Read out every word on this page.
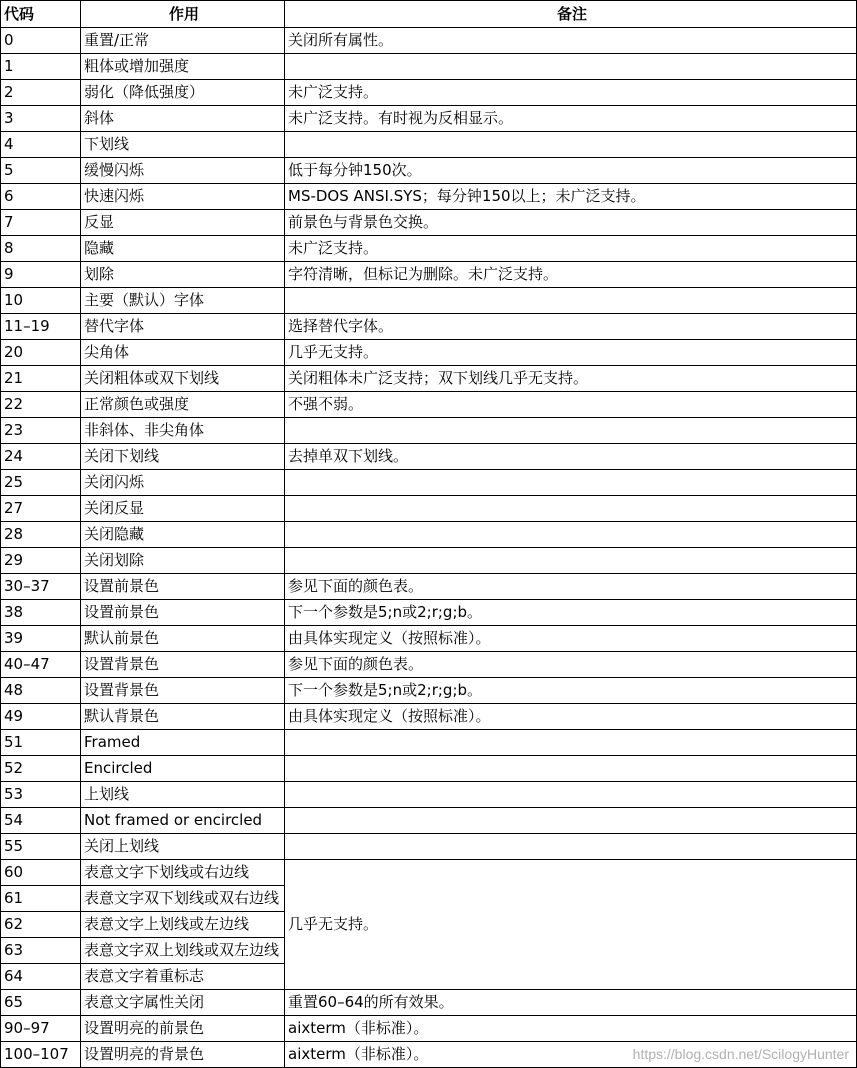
代码	作用	备注
0	重置/正常	关闭所有属性。
1	粗体或增加强度	
2	弱化（降低强度）	未广泛支持。
3	斜体	未广泛支持。有时视为反相显示。
4	下划线	
5	缓慢闪烁	低于每分钟150次。
6	快速闪烁	MS-DOS ANSI.SYS；每分钟150以上；未广泛支持。
7	反显	前景色与背景色交换。
8	隐藏	未广泛支持。
9	划除	字符清晰，但标记为删除。未广泛支持。
10	主要（默认）字体	
11–19	替代字体	选择替代字体。
20	尖角体	几乎无支持。
21	关闭粗体或双下划线	关闭粗体未广泛支持；双下划线几乎无支持。
22	正常颜色或强度	不强不弱。
23	非斜体、非尖角体	
24	关闭下划线	去掉单双下划线。
25	关闭闪烁	
27	关闭反显	
28	关闭隐藏	
29	关闭划除	
30–37	设置前景色	参见下面的颜色表。
38	设置前景色	下一个参数是5;n或2;r;g;b。
39	默认前景色	由具体实现定义（按照标准）。
40–47	设置背景色	参见下面的颜色表。
48	设置背景色	下一个参数是5;n或2;r;g;b。
49	默认背景色	由具体实现定义（按照标准）。
51	Framed	
52	Encircled	
53	上划线	
54	Not framed or encircled	
55	关闭上划线	
60	表意文字下划线或右边线	几乎无支持。
61	表意文字双下划线或双右边线	
62	表意文字上划线或左边线	
63	表意文字双上划线或双左边线	
64	表意文字着重标志	
65	表意文字属性关闭	重置60–64的所有效果。
90–97	设置明亮的前景色	aixterm（非标准）。
100–107	设置明亮的背景色	aixterm（非标准）。	https://blog.csdn.net/ScilogyHunter
